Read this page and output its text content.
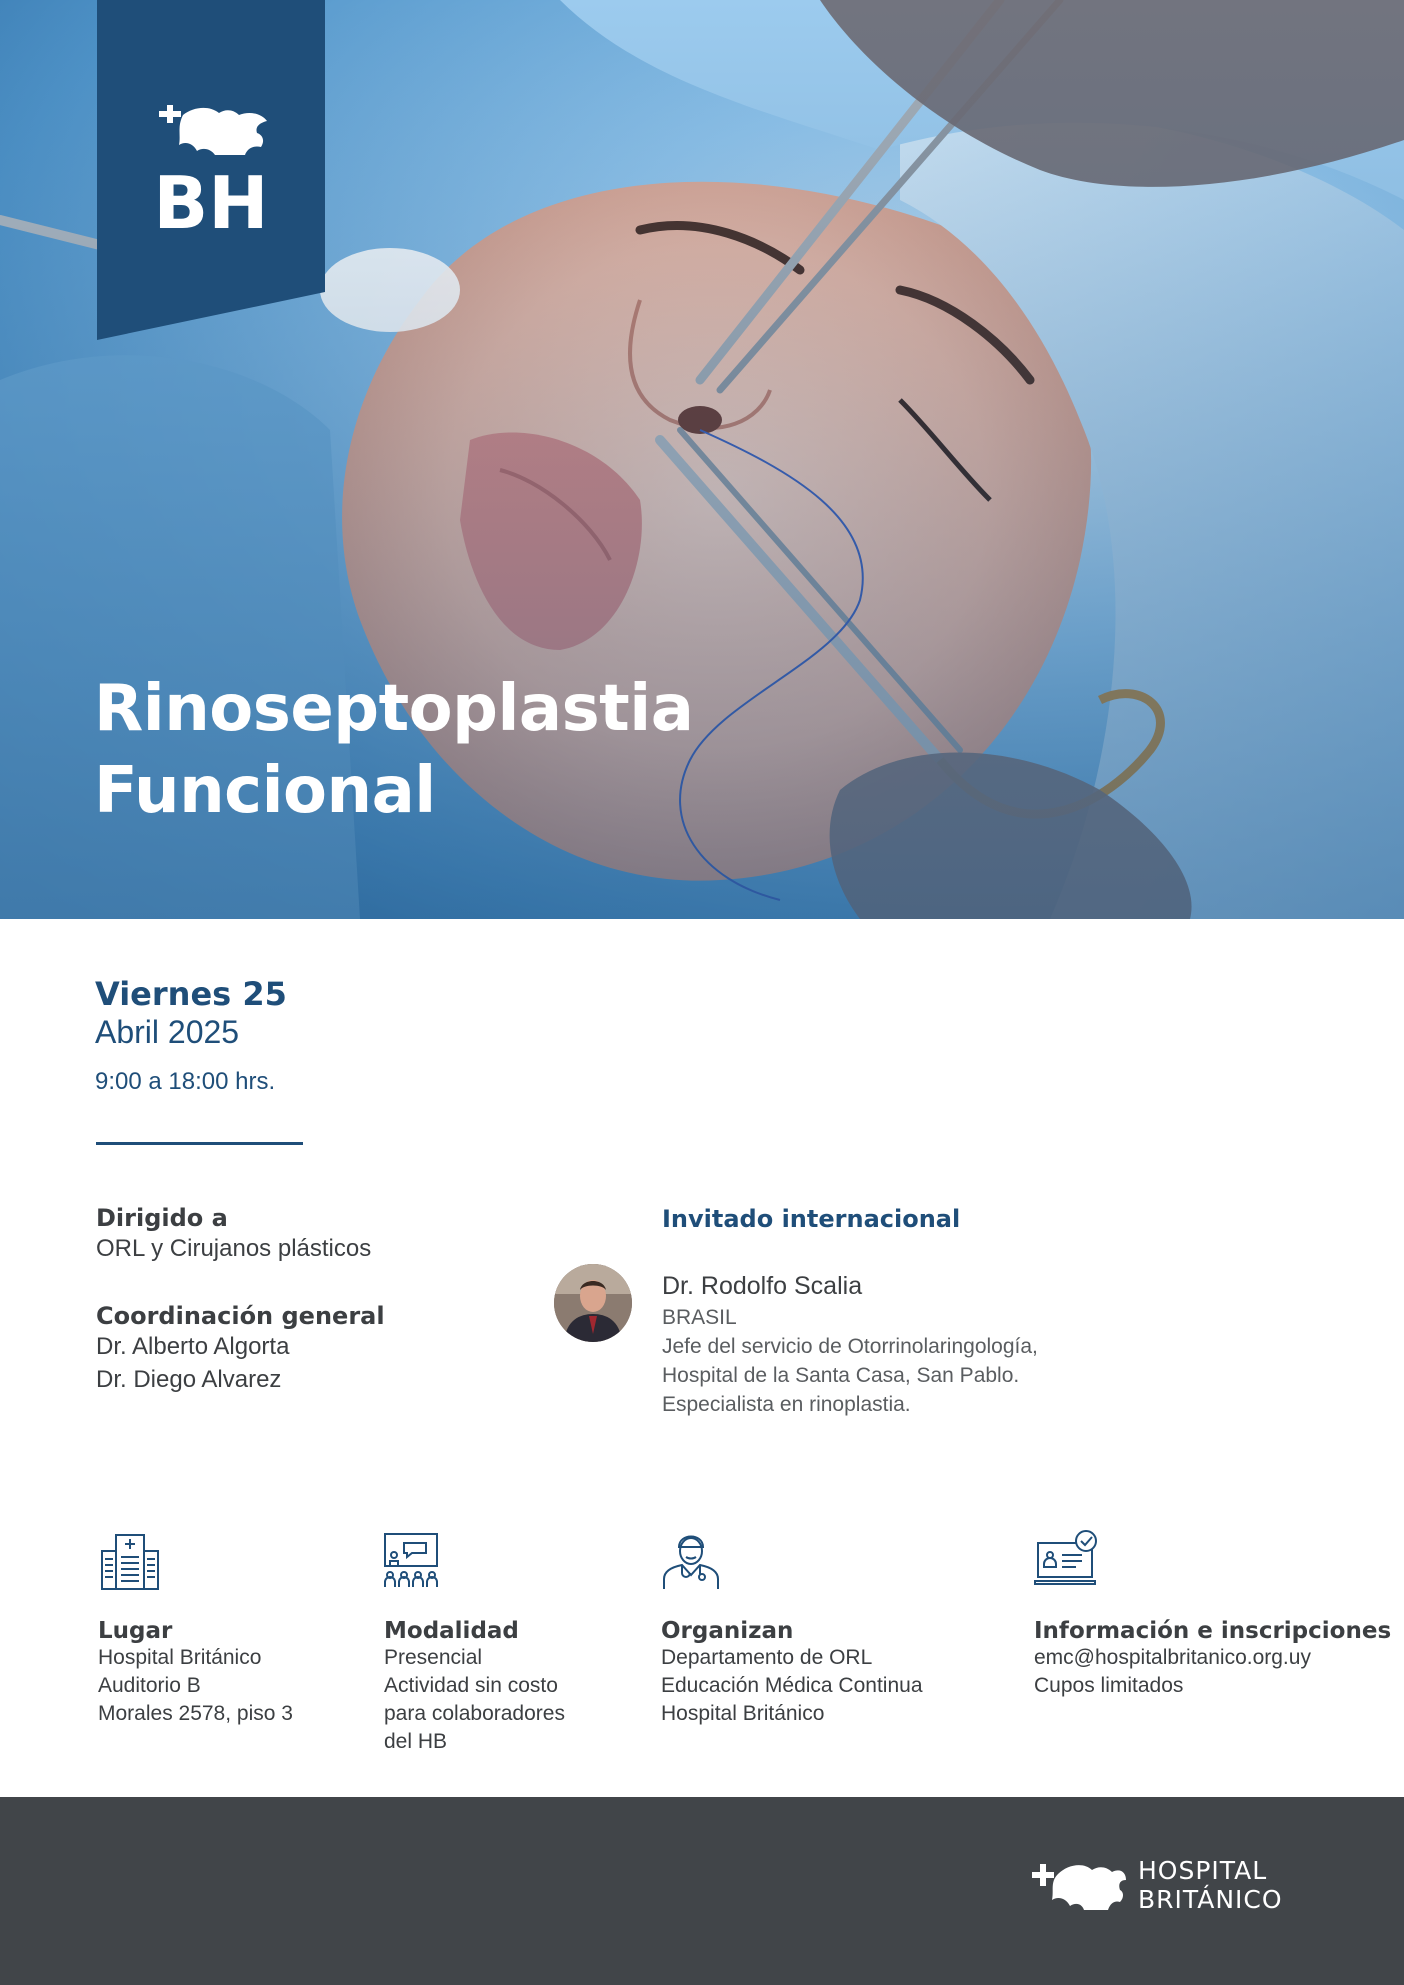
BH
Rinoseptoplastia
Funcional
Viernes 25
Abril 2025
9:00 a 18:00 hrs.
Dirigido a
ORL y Cirujanos plásticos
Coordinación general
Dr. Alberto Algorta
Dr. Diego Alvarez
Invitado internacional
Dr. Rodolfo Scalia
BRASIL
Jefe del servicio de Otorrinolaringología,
Hospital de la Santa Casa, San Pablo.
Especialista en rinoplastia.
Lugar
Hospital Británico
Auditorio B
Morales 2578, piso 3
Modalidad
Presencial
Actividad sin costo
para colaboradores
del HB
Organizan
Departamento de ORL
Educación Médica Continua
Hospital Británico
Información e inscripciones
emc@hospitalbritanico.org.uy
Cupos limitados
HOSPITAL
BRITÁNICO
